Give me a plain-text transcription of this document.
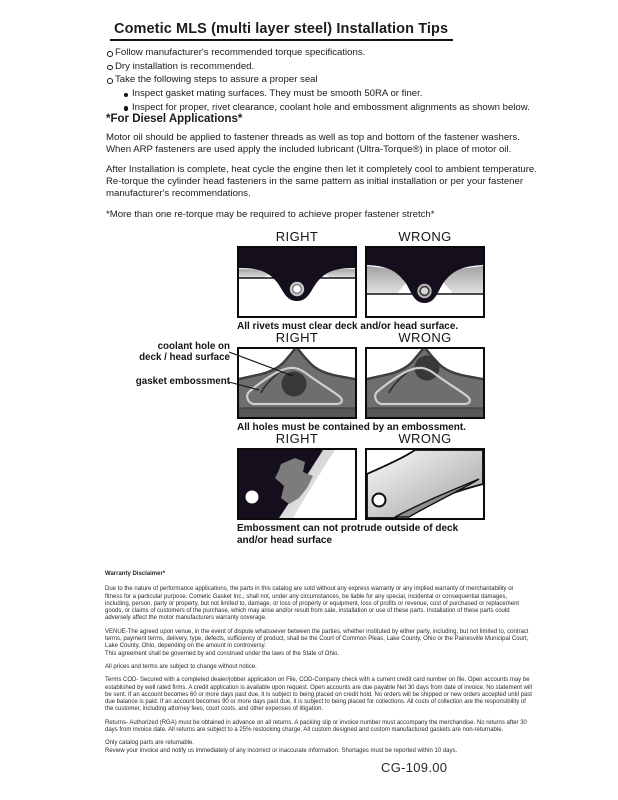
Cometic MLS (multi layer steel) Installation Tips
Follow manufacturer's recommended torque specifications.
Dry installation is recommended.
Take the following steps to assure a proper seal
Inspect gasket mating surfaces. They must be smooth 50RA or finer.
Inspect for proper, rivet clearance, coolant hole and embossment alignments as shown below.
*For Diesel Applications*

Motor oil should be applied to fastener threads as well as top and bottom of the fastener washers. When ARP fasteners are used apply the included lubricant (Ultra-Torque®) in place of motor oil.

After Installation is complete, heat cycle the engine then let it completely cool to ambient temperature. Re-torque the cylinder head fasteners in the same pattern as initial installation or per your fastener manufacturer's recommendations.

*More than one re-torque may be required to achieve proper fastener stretch*

RIGHT	WRONG
All rivets must clear deck and/or head surface.
coolant hole on
deck / head surface
gasket embossment
RIGHT	WRONG
All holes must be contained by an embossment.
RIGHT	WRONG
Embossment can not protrude outside of deck
and/or head surface
Warranty Disclaimer*
Due to the nature of performance applications, the parts in this catalog are sold without any express warranty or any implied warranty of merchantability or fitness for a particular purpose. Cometic Gasket Inc., shall not, under any circumstances, be liable for any special, incidental or consequential damages, including, person, party or property, but not limited to, damage, or loss of property or equipment, loss of profits or revenue, cost of purchased or replacement goods, or claims of customers of the purchase, which may arise and/or result from sale, installation or use of these parts. Installation of these parts could adversely affect the motor manufacturers warranty coverage.
VENUE-The agreed upon venue, in the event of dispute whatsoever between the parties, whether instituted by either party, including, but not limited to, contract terms, payment terms, delivery, type, defects, sufficiency of product, shall be the Court of Common Pleas, Lake County, Ohio or the Painesville Municipal Court, Lake County, Ohio, depending on the amount in controversy.
This agreement shall be governed by and construed under the laws of the State of Ohio.
All prices and terms are subject to change without notice.
Terms COD- Secured with a completed dealer/jobber application on File, COD-Company check with a current credit card number on file. Open accounts may be established by well rated firms. A credit application is available upon request. Open accounts are due payable Net 30 days from date of invoice. No statement will be sent. If an account becomes 60 or more days past due, it is subject to being placed on credit hold. No orders will be shipped or new orders accepted until past due balance is paid. If an account becomes 90 or more days past due, it is subject to being placed for collections. All costs of collection are the responsibility of the customer, including attorney fees, court costs, and other expenses of litigation.
Returns- Authorized (RGA) must be obtained in advance on all returns. A packing slip or invoice number must accompany the merchandise. No returns after 30 days from invoice date. All returns are subject to a 25% restocking charge. All custom designed and custom manufactured gaskets are non-returnable.
Only catalog parts are returnable.
Review your invoice and notify us immediately of any incorrect or inaccurate information. Shortages must be reported within 10 days.
CG-109.00
